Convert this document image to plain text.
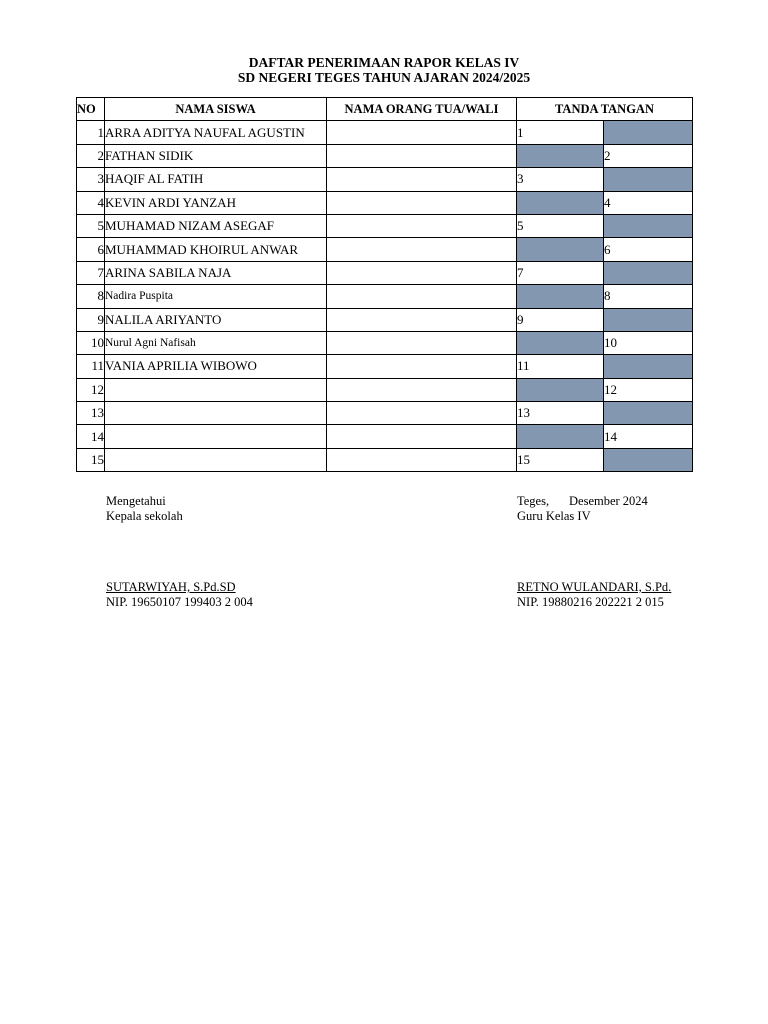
DAFTAR PENERIMAAN RAPOR KELAS IV
SD NEGERI TEGES TAHUN AJARAN 2024/2025
NO	NAMA SISWA	NAMA ORANG TUA/WALI	TANDA TANGAN	
1	ARRA ADITYA NAUFAL AGUSTIN		1	
2	FATHAN SIDIK			2
3	HAQIF AL FATIH		3	
4	KEVIN ARDI YANZAH			4
5	MUHAMAD NIZAM ASEGAF		5	
6	MUHAMMAD KHOIRUL ANWAR			6
7	ARINA SABILA NAJA		7	
8	Nadira Puspita			8
9	NALILA ARIYANTO		9	
10	Nurul Agni Nafisah			10
11	VANIA APRILIA WIBOWO		11	
12				12
13			13	
14				14
15			15	
Mengetahui
Kepala sekolah
SUTARWIYAH, S.Pd.SD
NIP. 19650107 199403 2 004
Teges, Desember 2024
Guru Kelas IV
RETNO WULANDARI, S.Pd.
NIP. 19880216 202221 2 015
